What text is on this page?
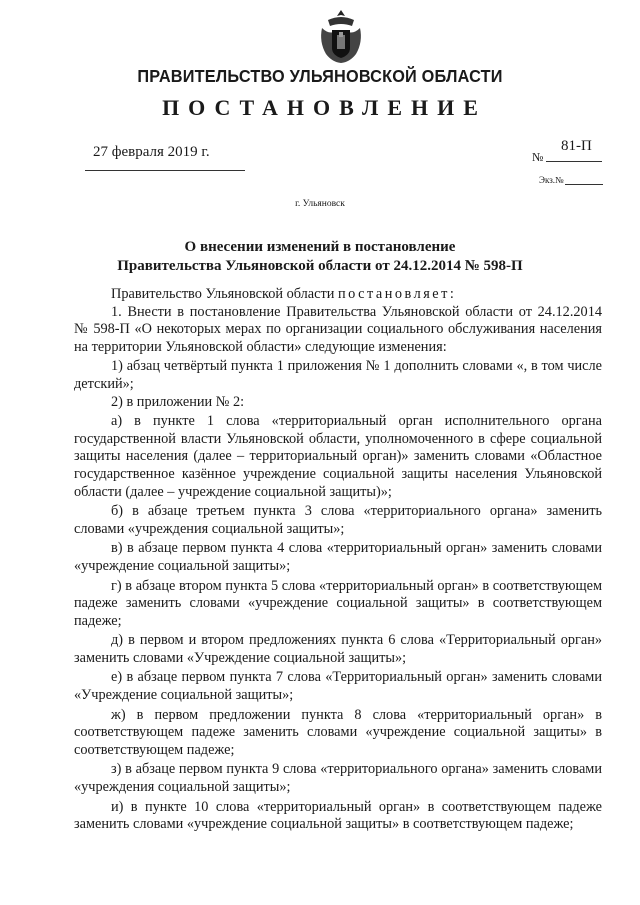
ПРАВИТЕЛЬСТВО УЛЬЯНОВСКОЙ ОБЛАСТИ
ПОСТАНОВЛЕНИЕ
27 февраля 2019 г.	№
81-П
Экз.№
г. Ульяновск
О внесении изменений в постановление
Правительства Ульяновской области от 24.12.2014 № 598-П

Правительство Ульяновской области постановляет:

1. Внести в постановление Правительства Ульяновской области от 24.12.2014 № 598-П «О некоторых мерах по организации социального обслуживания населения на территории Ульяновской области» следующие изменения:

1) абзац четвёртый пункта 1 приложения № 1 дополнить словами «, в том числе детский»;

2) в приложении № 2:

а) в пункте 1 слова «территориальный орган исполнительного органа государственной власти Ульяновской области, уполномоченного в сфере социальной защиты населения (далее – территориальный орган)» заменить словами «Областное государственное казённое учреждение социальной защиты населения Ульяновской области (далее – учреждение социальной защиты)»;

б) в абзаце третьем пункта 3 слова «территориального органа» заменить словами «учреждения социальной защиты»;

в) в абзаце первом пункта 4 слова «территориальный орган» заменить словами «учреждение социальной защиты»;

г) в абзаце втором пункта 5 слова «территориальный орган» в соответствующем падеже заменить словами «учреждение социальной защиты» в соответствующем падеже;

д) в первом и втором предложениях пункта 6 слова «Территориальный орган» заменить словами «Учреждение социальной защиты»;

е) в абзаце первом пункта 7 слова «Территориальный орган» заменить словами «Учреждение социальной защиты»;

ж) в первом предложении пункта 8 слова «территориальный орган» в соответствующем падеже заменить словами «учреждение социальной защиты» в соответствующем падеже;

з) в абзаце первом пункта 9 слова «территориального органа» заменить словами «учреждения социальной защиты»;

и) в пункте 10 слова «территориальный орган» в соответствующем падеже заменить словами «учреждение социальной защиты» в соответствующем падеже;
